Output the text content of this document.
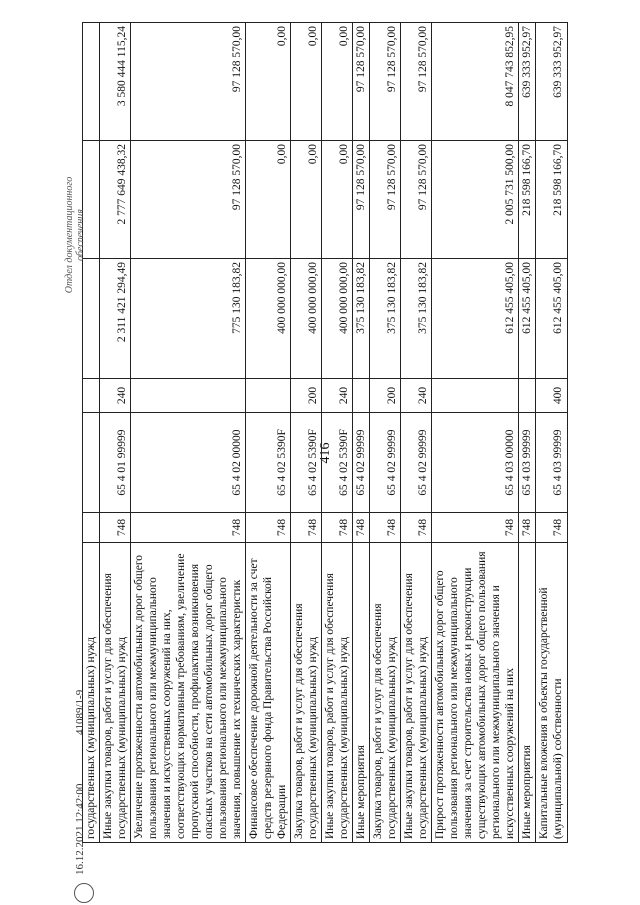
416
государственных (муниципальных) нужд						
Иные закупки товаров, работ и услуг для обеспечения государственных (муниципальных) нужд	748	65 4 01 99999	240	2 311 421 294,49	2 777 649 438,32	3 580 444 115,24
Увеличение протяженности автомобильных дорог общего пользования регионального или межмуниципального значения и искусственных сооружений на них, соответствующих нормативным требованиям, увеличение пропускной способности, профилактика возникновения опасных участков на сети автомобильных дорог общего пользования регионального или межмуниципального значения, повышение их технических характеристик	748	65 4 02 00000		775 130 183,82	97 128 570,00	97 128 570,00
Финансовое обеспечение дорожной деятельности за счет средств резервного фонда Правительства Российской Федерации	748	65 4 02 5390F		400 000 000,00	0,00	0,00
Закупка товаров, работ и услуг для обеспечения государственных (муниципальных) нужд	748	65 4 02 5390F	200	400 000 000,00	0,00	0,00
Иные закупки товаров, работ и услуг для обеспечения государственных (муниципальных) нужд	748	65 4 02 5390F	240	400 000 000,00	0,00	0,00
Иные мероприятия	748	65 4 02 99999		375 130 183,82	97 128 570,00	97 128 570,00
Закупка товаров, работ и услуг для обеспечения государственных (муниципальных) нужд	748	65 4 02 99999	200	375 130 183,82	97 128 570,00	97 128 570,00
Иные закупки товаров, работ и услуг для обеспечения государственных (муниципальных) нужд	748	65 4 02 99999	240	375 130 183,82	97 128 570,00	97 128 570,00
Прирост протяженности автомобильных дорог общего пользования регионального или межмуниципального значения за счет строительства новых и реконструкции существующих автомобильных дорог общего пользования регионального или межмуниципального значения и искусственных сооружений на них	748	65 4 03 00000		612 455 405,00	2 005 731 500,00	8 047 743 852,95
Иные мероприятия	748	65 4 03 99999		612 455 405,00	218 598 166,70	639 333 952,97
Капитальные вложения в объекты государственной (муниципальной) собственности	748	65 4 03 99999	400	612 455 405,00	218 598 166,70	639 333 952,97
16.12.2021 12:42:00
41089/1-9
Отдел документационного обеспечения
